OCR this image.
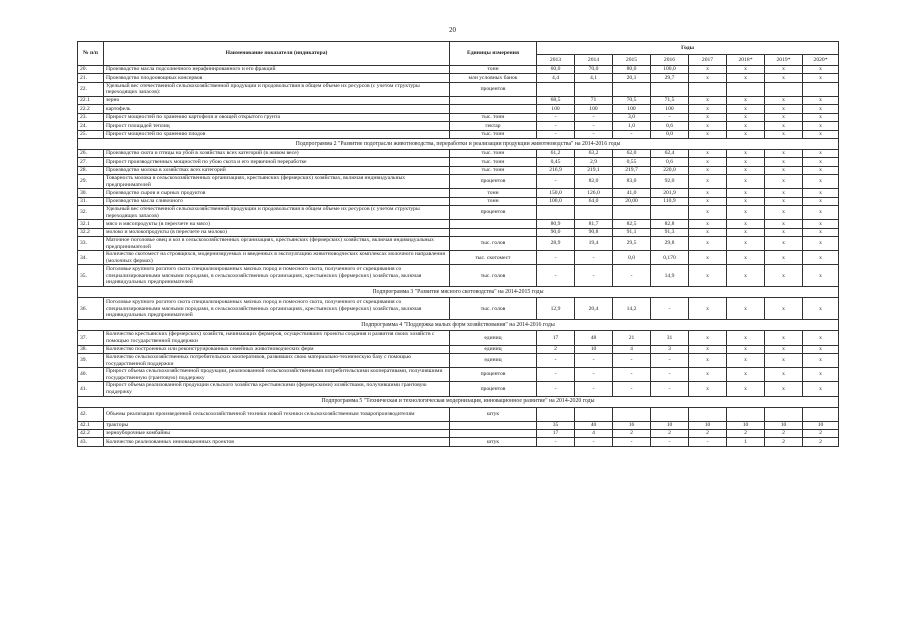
20
№ п/п	Наименование показателя (индикатора)	Единицы измерения	Годы							
			2013	2014	2015	2016	2017	2018*	2019*	2020*
20.	Производство масла подсолнечного нерафинированного и его фракций	тонн	60,0	70,0	80,0	100,0	х	х	х	х
21.	Производство плодоовощных консервов	млн условных банок	4,4	4,1	20,1	29,7	х	х	х	х
22.	Удельный вес отечественной сельскохозяйственной продукции и продовольствия в общем объеме их ресурсов (с учетом структуры переходящих запасов):	процентов								
22.1	зерно		68,5	71	70,5	71,5	х	х	х	х
22.2	картофель		100	100	100	100	х	х	х	х
23.	Прирост мощностей по хранению картофеля и овощей открытого грунта	тыс. тонн	-	-	3,0	-	х	х	х	х
24.	Прирост площадей теплиц	гектар	-	-	1,0	0,6	х	х	х	х
25.	Прирост мощностей по хранению плодов	тыс. тонн	-	-	-	0,0	х	х	х	х
Подпрограмма 2 "Развитие подотрасли животноводства, переработки и реализации продукции животноводства" на 2014-2016 годы										
26.	Производство скота и птицы на убой в хозяйствах всех категорий (в живом весе)	тыс. тонн	61,2	63,2	62,0	62,4	х	х	х	х
27.	Прирост производственных мощностей по убою скота и его первичной переработке	тыс. тонн	0,45	2,9	0,55	0,6	х	х	х	х
28.	Производство молока в хозяйствах всех категорий	тыс. тонн	216,9	219,1	219,7	220,0	х	х	х	х
29.	Товарность молока в сельскохозяйственных организациях, крестьянских (фермерских) хозяйствах, включая индивидуальных предпринимателей	процентов	-	82,0	83,0	92,0	х	х	х	х
30.	Производство сыров и сырных продуктов	тонн	150,0	126,0	41,0	201,9	х	х	х	х
31.	Производство масла сливочного	тонн	100,0	64,0	20,00	110,9	х	х	х	х
32.	Удельный вес отечественной сельскохозяйственной продукции и продовольствия в общем объеме их ресурсов (с учетом структуры переходящих запасов)	процентов					х	х	х	х
32.1	мясо и мясопродукты (в пересчете на мясо)		80,9	81,7	82,5	82,8	х	х	х	х
32.2	молоко и молокопродукты (в пересчете на молоко)		90,0	90,8	91,1	91,3	х	х	х	х
33.	Маточное поголовье овец и коз в сельскохозяйственных организациях, крестьянских (фермерских) хозяйствах, включая индивидуальных предпринимателей	тыс. голов	28,9	19,4	29,5	29,8	х	х	х	х
34.	Количество скотомест на строящихся, модернизируемых и введенных в эксплуатацию животноводческих комплексах молочного направления (молочных фермах)	тыс. скотомест	-	-	0,0	0,170	х	х	х	х
35.	Поголовье крупного рогатого скота специализированных мясных пород и помесного скота, полученного от скрещивания со специализированными мясными породами, в сельскохозяйственных организациях, крестьянских (фермерских) хозяйствах, включая индивидуальных предпринимателей	тыс. голов	-	-	-	14,9	х	х	х	х
Подпрограмма 3 "Развитие мясного скотоводства" на 2014-2015 годы										
36.	Поголовье крупного рогатого скота специализированных мясных пород и помесного скота, полученного от скрещивания со специализированными мясными породами, в сельскохозяйственных организациях, крестьянских (фермерских) хозяйствах, включая индивидуальных предпринимателей	тыс. голов	12,9	20,4	14,2	-	х	х	х	х
Подпрограмма 4 "Поддержка малых форм хозяйствования" на 2014-2016 годы										
37.	Количество крестьянских (фермерских) хозяйств, начинающих фермеров, осуществивших проекты создания и развития своих хозяйств с помощью государственной поддержки	единиц	17	48	21	31	х	х	х	х
38.	Количество построенных или реконструированных семейных животноводческих ферм	единиц	2	10	4	3	х	х	х	х
39.	Количество сельскохозяйственных потребительских кооперативов, развивших свою материально-техническую базу с помощью государственной поддержки	единиц	-	-	-	-	х	х	х	х
40.	Прирост объема сельскохозяйственной продукции, реализованной сельскохозяйственными потребительскими кооперативами, получившими государственную (грантовую) поддержку	процентов	-	-	-	-	х	х	х	х
41.	Прирост объема реализованной продукции сельского хозяйства крестьянскими (фермерскими) хозяйствами, получившими грантовую поддержку	процентов	-	-	-	-	х	х	х	х
Подпрограмма 5 "Техническая и технологическая модернизация, инновационное развитие" на 2014-2020 годы										
42.	Объемы реализации произведенной сельскохозяйственной техники новой техники сельскохозяйственным товаропроизводителям	штук								
42.1	тракторы		35	40	16	10	10	10	10	10
42.2	зерноуборочные комбайны		17	4	2	2	2	2	2	2
43.	Количество реализованных инновационных проектов	штук	-	-	-	-	-	1	2	2
